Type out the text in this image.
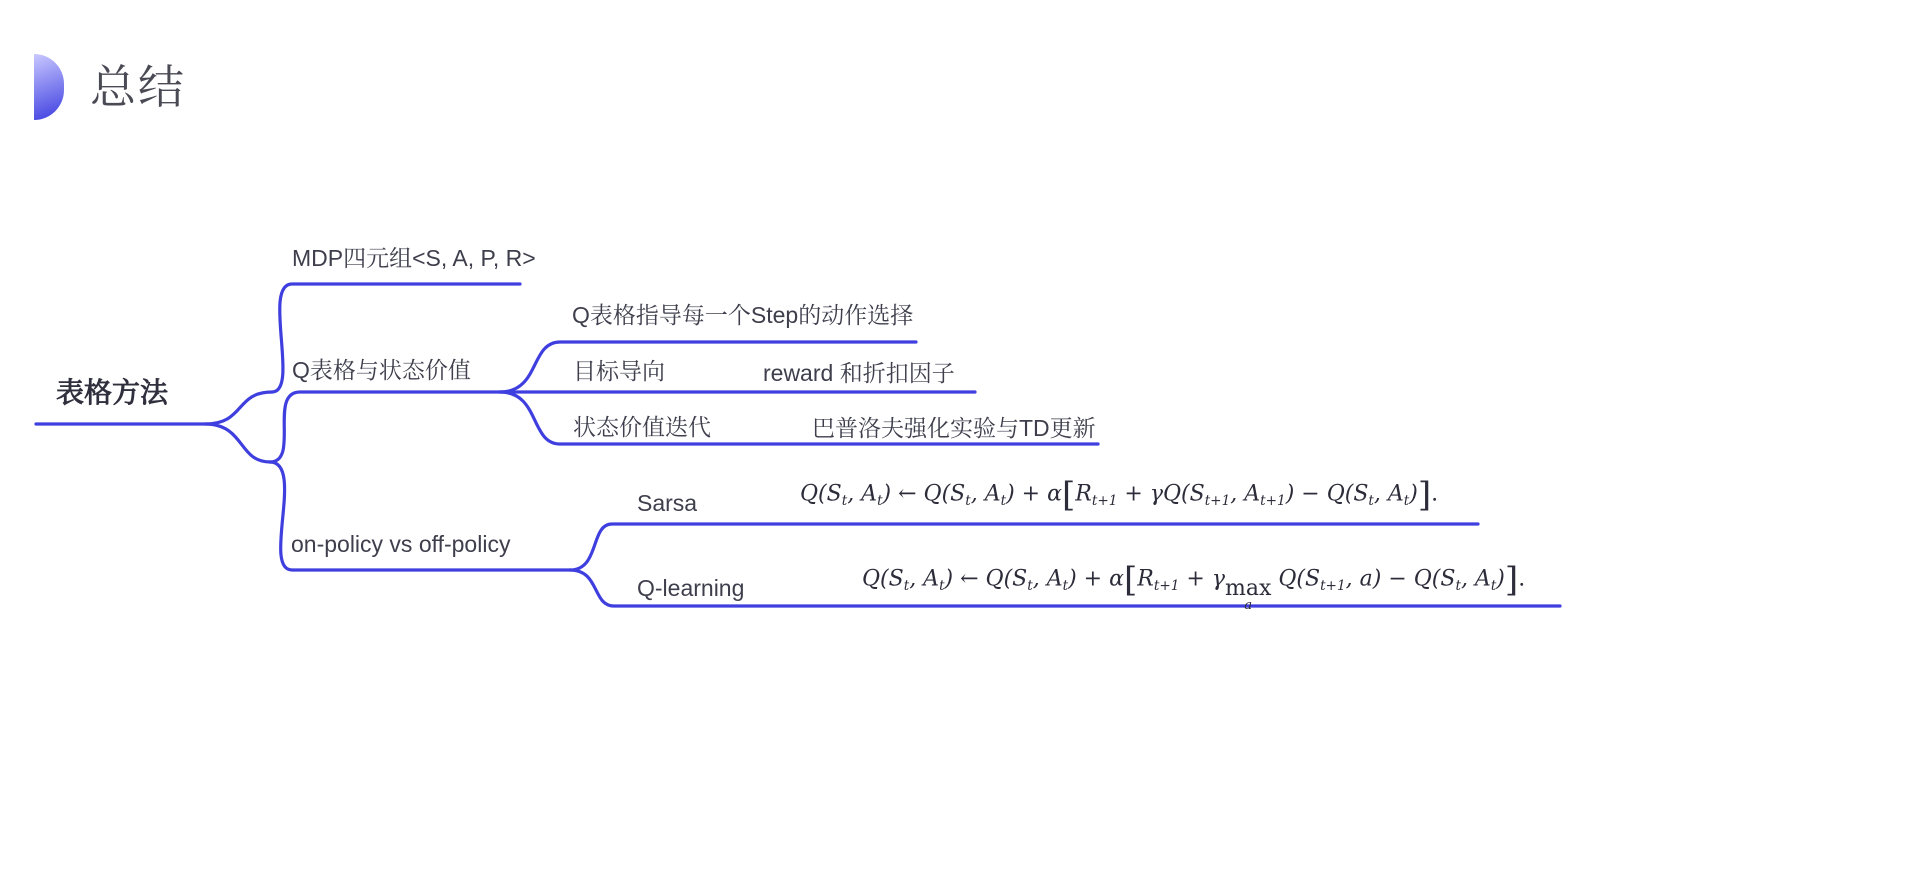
总结
表格方法
MDP四元组<S, A, P, R>
Q表格与状态价值
on-policy vs off-policy
Q表格指导每一个Step的动作选择
目标导向
状态价值迭代
reward 和折扣因子
巴普洛夫强化实验与TD更新
Sarsa
Q-learning
Q(St, At) ← Q(St, At) + α[Rt+1 + γQ(St+1, At+1) − Q(St, At)].
Q(St, At) ← Q(St, At) + α[Rt+1 + γ max
a
Q(St+1, a) − Q(St, At)].
